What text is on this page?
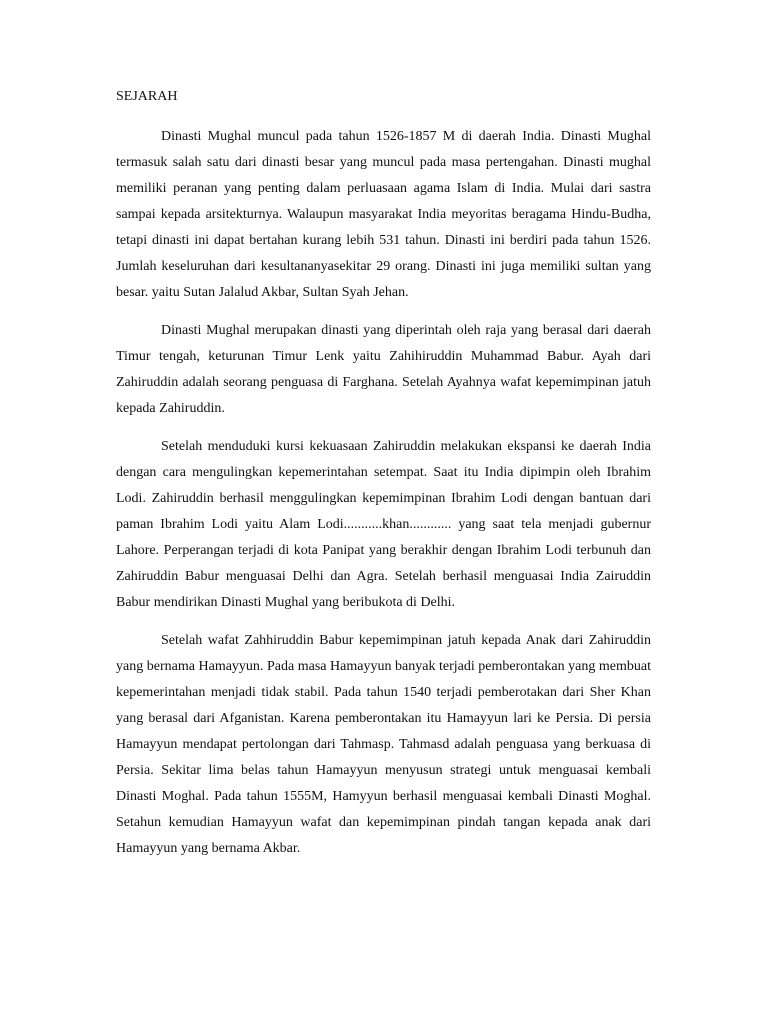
SEJARAH

Dinasti Mughal muncul pada tahun 1526-1857 M di daerah India. Dinasti Mughal termasuk salah satu dari dinasti besar yang muncul pada masa pertengahan. Dinasti mughal memiliki peranan yang penting dalam perluasaan agama Islam di India. Mulai dari sastra sampai kepada arsitekturnya. Walaupun masyarakat India meyoritas beragama Hindu-Budha, tetapi dinasti ini dapat bertahan kurang lebih 531 tahun. Dinasti ini berdiri pada tahun 1526. Jumlah keseluruhan dari kesultananyasekitar 29 orang. Dinasti ini juga memiliki sultan yang besar. yaitu Sutan Jalalud Akbar, Sultan Syah Jehan.

Dinasti Mughal merupakan dinasti yang diperintah oleh raja yang berasal dari daerah Timur tengah, keturunan Timur Lenk yaitu Zahihiruddin Muhammad Babur. Ayah dari Zahiruddin adalah seorang penguasa di Farghana. Setelah Ayahnya wafat kepemimpinan jatuh kepada Zahiruddin.

Setelah menduduki kursi kekuasaan Zahiruddin melakukan ekspansi ke daerah India dengan cara mengulingkan kepemerintahan setempat. Saat itu India dipimpin oleh Ibrahim Lodi. Zahiruddin berhasil menggulingkan kepemimpinan Ibrahim Lodi dengan bantuan dari paman Ibrahim Lodi yaitu Alam Lodi...........khan............ yang saat tela menjadi gubernur Lahore. Perperangan terjadi di kota Panipat yang berakhir dengan Ibrahim Lodi terbunuh dan Zahiruddin Babur menguasai Delhi dan Agra. Setelah berhasil menguasai India Zairuddin Babur mendirikan Dinasti Mughal yang beribukota di Delhi.

Setelah wafat Zahhiruddin Babur kepemimpinan jatuh kepada Anak dari Zahiruddin yang bernama Hamayyun. Pada masa Hamayyun banyak terjadi pemberontakan yang membuat kepemerintahan menjadi tidak stabil. Pada tahun 1540 terjadi pemberotakan dari Sher Khan yang berasal dari Afganistan. Karena pemberontakan itu Hamayyun lari ke Persia. Di persia Hamayyun mendapat pertolongan dari Tahmasp. Tahmasd adalah penguasa yang berkuasa di Persia. Sekitar lima belas tahun Hamayyun menyusun strategi untuk menguasai kembali Dinasti Moghal. Pada tahun 1555M, Hamyyun berhasil menguasai kembali Dinasti Moghal. Setahun kemudian Hamayyun wafat dan kepemimpinan pindah tangan kepada anak dari Hamayyun yang bernama Akbar.
